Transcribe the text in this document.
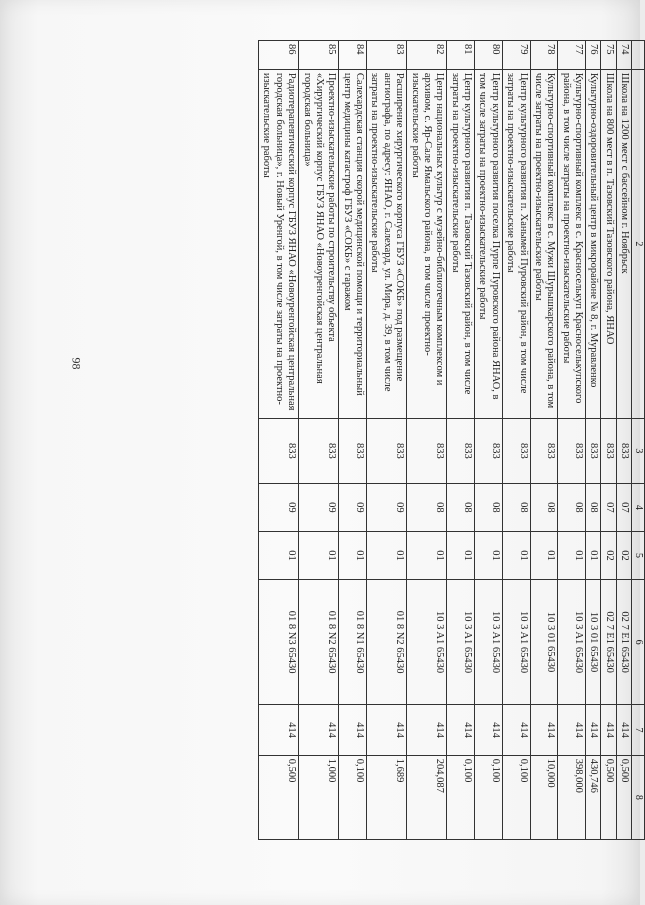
98
	2	3	4	5	6	7	8
74	Школа на 1200 мест с бассейном г. Ноябрьск	833	07	02	02 7 E1 65430	414	0,500
75	Школа на 800 мест в п. Тазовский Тазовского района, ЯНАО	833	07	02	02 7 E1 65430	414	0,500
76	Культурно-оздоровительный центр в микрорайоне № 8, г. Муравленко	833	08	01	10 3 01 65430	414	430,746
77	Культурно-спортивный комплекс в с. Красноселькуп Красноселькупского района, в том числе затраты на проектно-изыскательские работы	833	08	01	10 3 A1 65430	414	398,000
78	Культурно-спортивный комплекс в с. Мужи Шурышкарского района, в том числе затраты на проектно-изыскательские работы	833	08	01	10 3 01 65430	414	10,000
79	Центр культурного развития п. Ханымей Пуровский район, в том числе затраты на проектно-изыскательские работы	833	08	01	10 3 A1 65430	414	0,100
80	Центр культурного развития поселка Пурпе Пуровского района ЯНАО, в том числе затраты на проектно-изыскательские работы	833	08	01	10 3 A1 65430	414	0,100
81	Центр культурного развития п. Тазовский Тазовский район, в том числе затраты на проектно-изыскательские работы	833	08	01	10 3 A1 65430	414	0,100
82	Центр национальных культур с музейно-библиотечным комплексом и архивом, с. Яр-Сале Ямальского района, в том числе проектно-изыскательские работы	833	08	01	10 3 A1 65430	414	204,087
83	Расширение хирургического корпуса ГБУЗ «СОКБ» под размещение ангиографа, по адресу: ЯНАО, г. Салехард, ул. Мира, д. 39, в том числе затраты на проектно-изыскательские работы	833	09	01	01 8 N2 65430	414	1,689
84	Салехардская станция скорой медицинской помощи и территориальный центр медицины катастроф ГБУЗ «СОКБ» с гаражом	833	09	01	01 8 N1 65430	414	0,100
85	Проектно-изыскательские работы по строительству объекта «Хирургический корпус ГБУЗ ЯНАО «Новоуренгойская центральная городская больница»	833	09	01	01 8 N2 65430	414	1,000
86	Радиотерапевтический корпус ГБУЗ ЯНАО «Новоуренгойская центральная городская больница», г. Новый Уренгой, в том числе затраты на проектно-изыскательские работы	833	09	01	01 8 N3 65430	414	0,500
